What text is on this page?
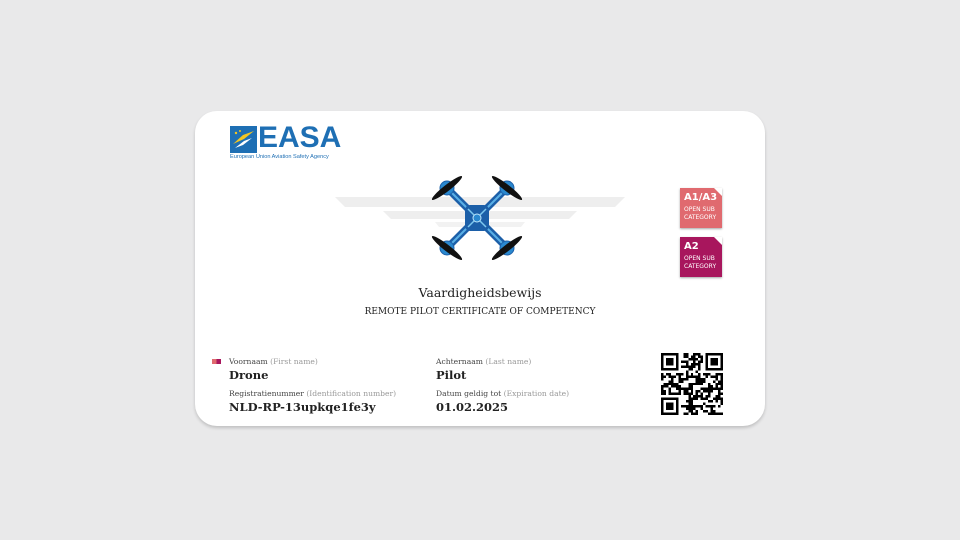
EASA
European Union Aviation Safety Agency
Vaardigheidsbewijs
REMOTE PILOT CERTIFICATE OF COMPETENCY
A1/A3
OPEN SUB
CATEGORY
A2
OPEN SUB
CATEGORY
Voornaam (First name)
Drone
Achternaam (Last name)
Pilot
Registratienummer (Identification number)
NLD-RP-13upkqe1fe3y
Datum geldig tot (Expiration date)
01.02.2025
